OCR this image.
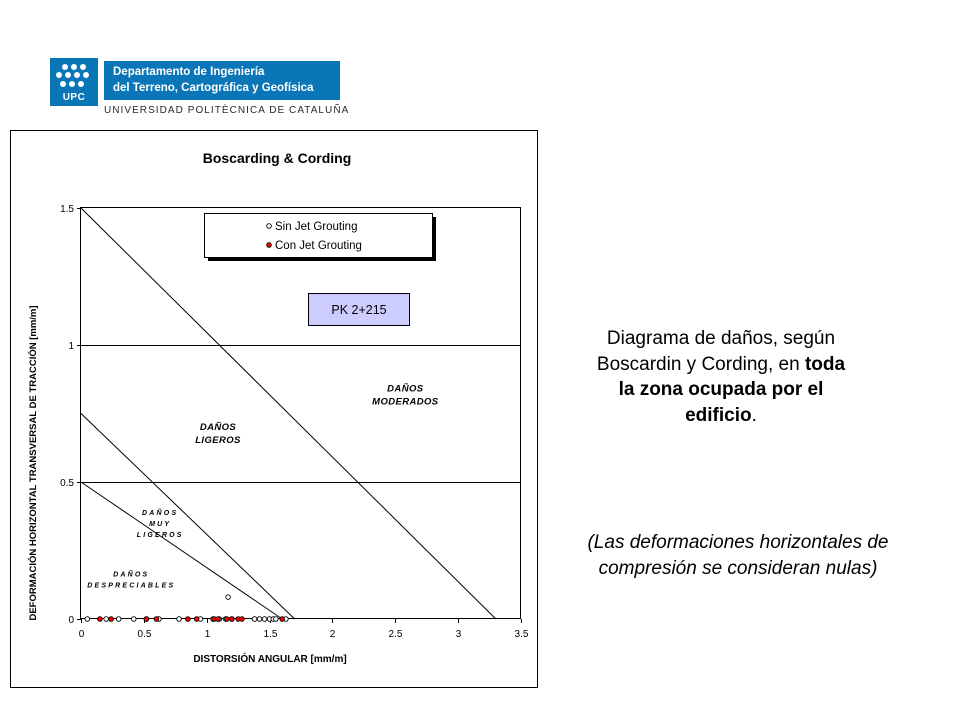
UPC
Departamento de Ingeniería
del Terreno, Cartográfica y Geofísica
UNIVERSIDAD POLITÈCNICA DE CATALUÑA
Boscarding & Cording
DISTORSIÓN ANGULAR [mm/m]
DEFORMACIÓN HORIZONTAL TRANSVERSAL DE TRACCIÓN [mm/m]	DAÑOS
DESPRECIABLES
DAÑOS
MUY
LIGEROS
DAÑOS
LIGEROS
DAÑOS
MODERADOS
0
0.5
1
1.5
0	0.5	1	1.5	2	2.5	3	3.5
Sin Jet Grouting
Con Jet Grouting
PK 2+215
Diagrama de daños, según Boscardin y Cording, en toda la zona ocupada por el edificio.
(Las deformaciones horizontales de compresión se consideran nulas)
